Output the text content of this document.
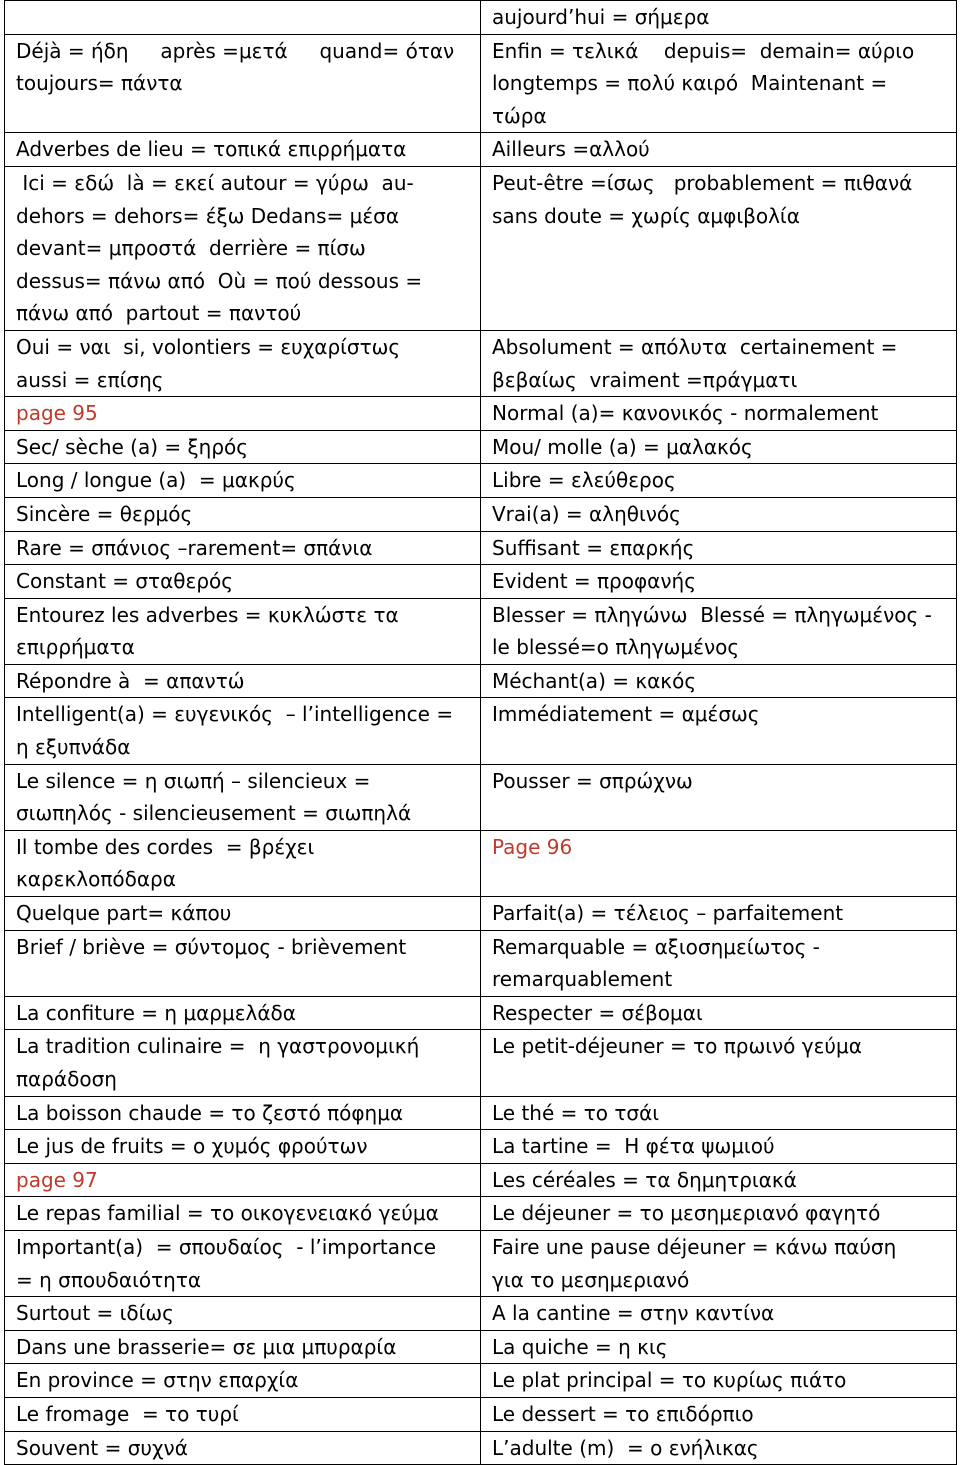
	aujourd’hui = σήμερα

Déjà = ήδη     après =μετά     quand= όταν
toujours= πάντα	Enfin = τελικά    depuis=  demain= αύριο
longtemps = πολύ καιρό  Maintenant =
τώρα

Adverbes de lieu = τοπικά επιρρήματα	Ailleurs =αλλού

Ici = εδώ  là = εκεί autour = γύρω  au-
dehors = dehors= έξω Dedans= μέσα
devant= μπροστά  derrière = πίσω
dessus= πάνω από  Où = πού dessous =
πάνω από  partout = παντού	Peut-être =ίσως   probablement = πιθανά
sans doute = χωρίς αμφιβολία

Oui = ναι  si, volontiers = ευχαρίστως
aussi = επίσης	Absolument = απόλυτα  certainement =
βεβαίως  vraiment =πράγματι

page 95	Normal (a)= κανονικός - normalement

Sec/ sèche (a) = ξηρός	Mou/ molle (a) = μαλακός

Long / longue (a)  = μακρύς	Libre = ελεύθερος

Sincère = θερμός	Vrai(a) = αληθινός

Rare = σπάνιος –rarement= σπάνια	Suffisant = επαρκής

Constant = σταθερός	Evident = προφανής

Entourez les adverbes = κυκλώστε τα
επιρρήματα	Blesser = πληγώνω  Blessé = πληγωμένος -
le blessé=ο πληγωμένος

Répondre à  = απαντώ	Méchant(a) = κακός

Intelligent(a) = ευγενικός  – l’intelligence =
η εξυπνάδα	Immédiatement = αμέσως

Le silence = η σιωπή – silencieux =
σιωπηλός - silencieusement = σιωπηλά	Pousser = σπρώχνω

Il tombe des cordes  = βρέχει
καρεκλοπόδαρα	Page 96

Quelque part= κάπου	Parfait(a) = τέλειος – parfaitement

Brief / briève = σύντομος - brièvement	Remarquable = αξιοσημείωτος -
remarquablement

La confiture = η μαρμελάδα	Respecter = σέβομαι

La tradition culinaire =  η γαστρονομική
παράδοση	Le petit-déjeuner = το πρωινό γεύμα

La boisson chaude = το ζεστό πόφημα	Le thé = το τσάι

Le jus de fruits = ο χυμός φρούτων	La tartine =  Η φέτα ψωμιού

page 97	Les céréales = τα δημητριακά

Le repas familial = το οικογενειακό γεύμα	Le déjeuner = το μεσημεριανό φαγητό

Important(a)  = σπουδαίος  - l’importance
= η σπουδαιότητα	Faire une pause déjeuner = κάνω παύση
για το μεσημεριανό

Surtout = ιδίως	A la cantine = στην καντίνα

Dans une brasserie= σε μια μπυραρία	La quiche = η κις

En province = στην επαρχία	Le plat principal = το κυρίως πιάτο

Le fromage  = το τυρί	Le dessert = το επιδόρπιο

Souvent = συχνά	L’adulte (m)  = ο ενήλικας
